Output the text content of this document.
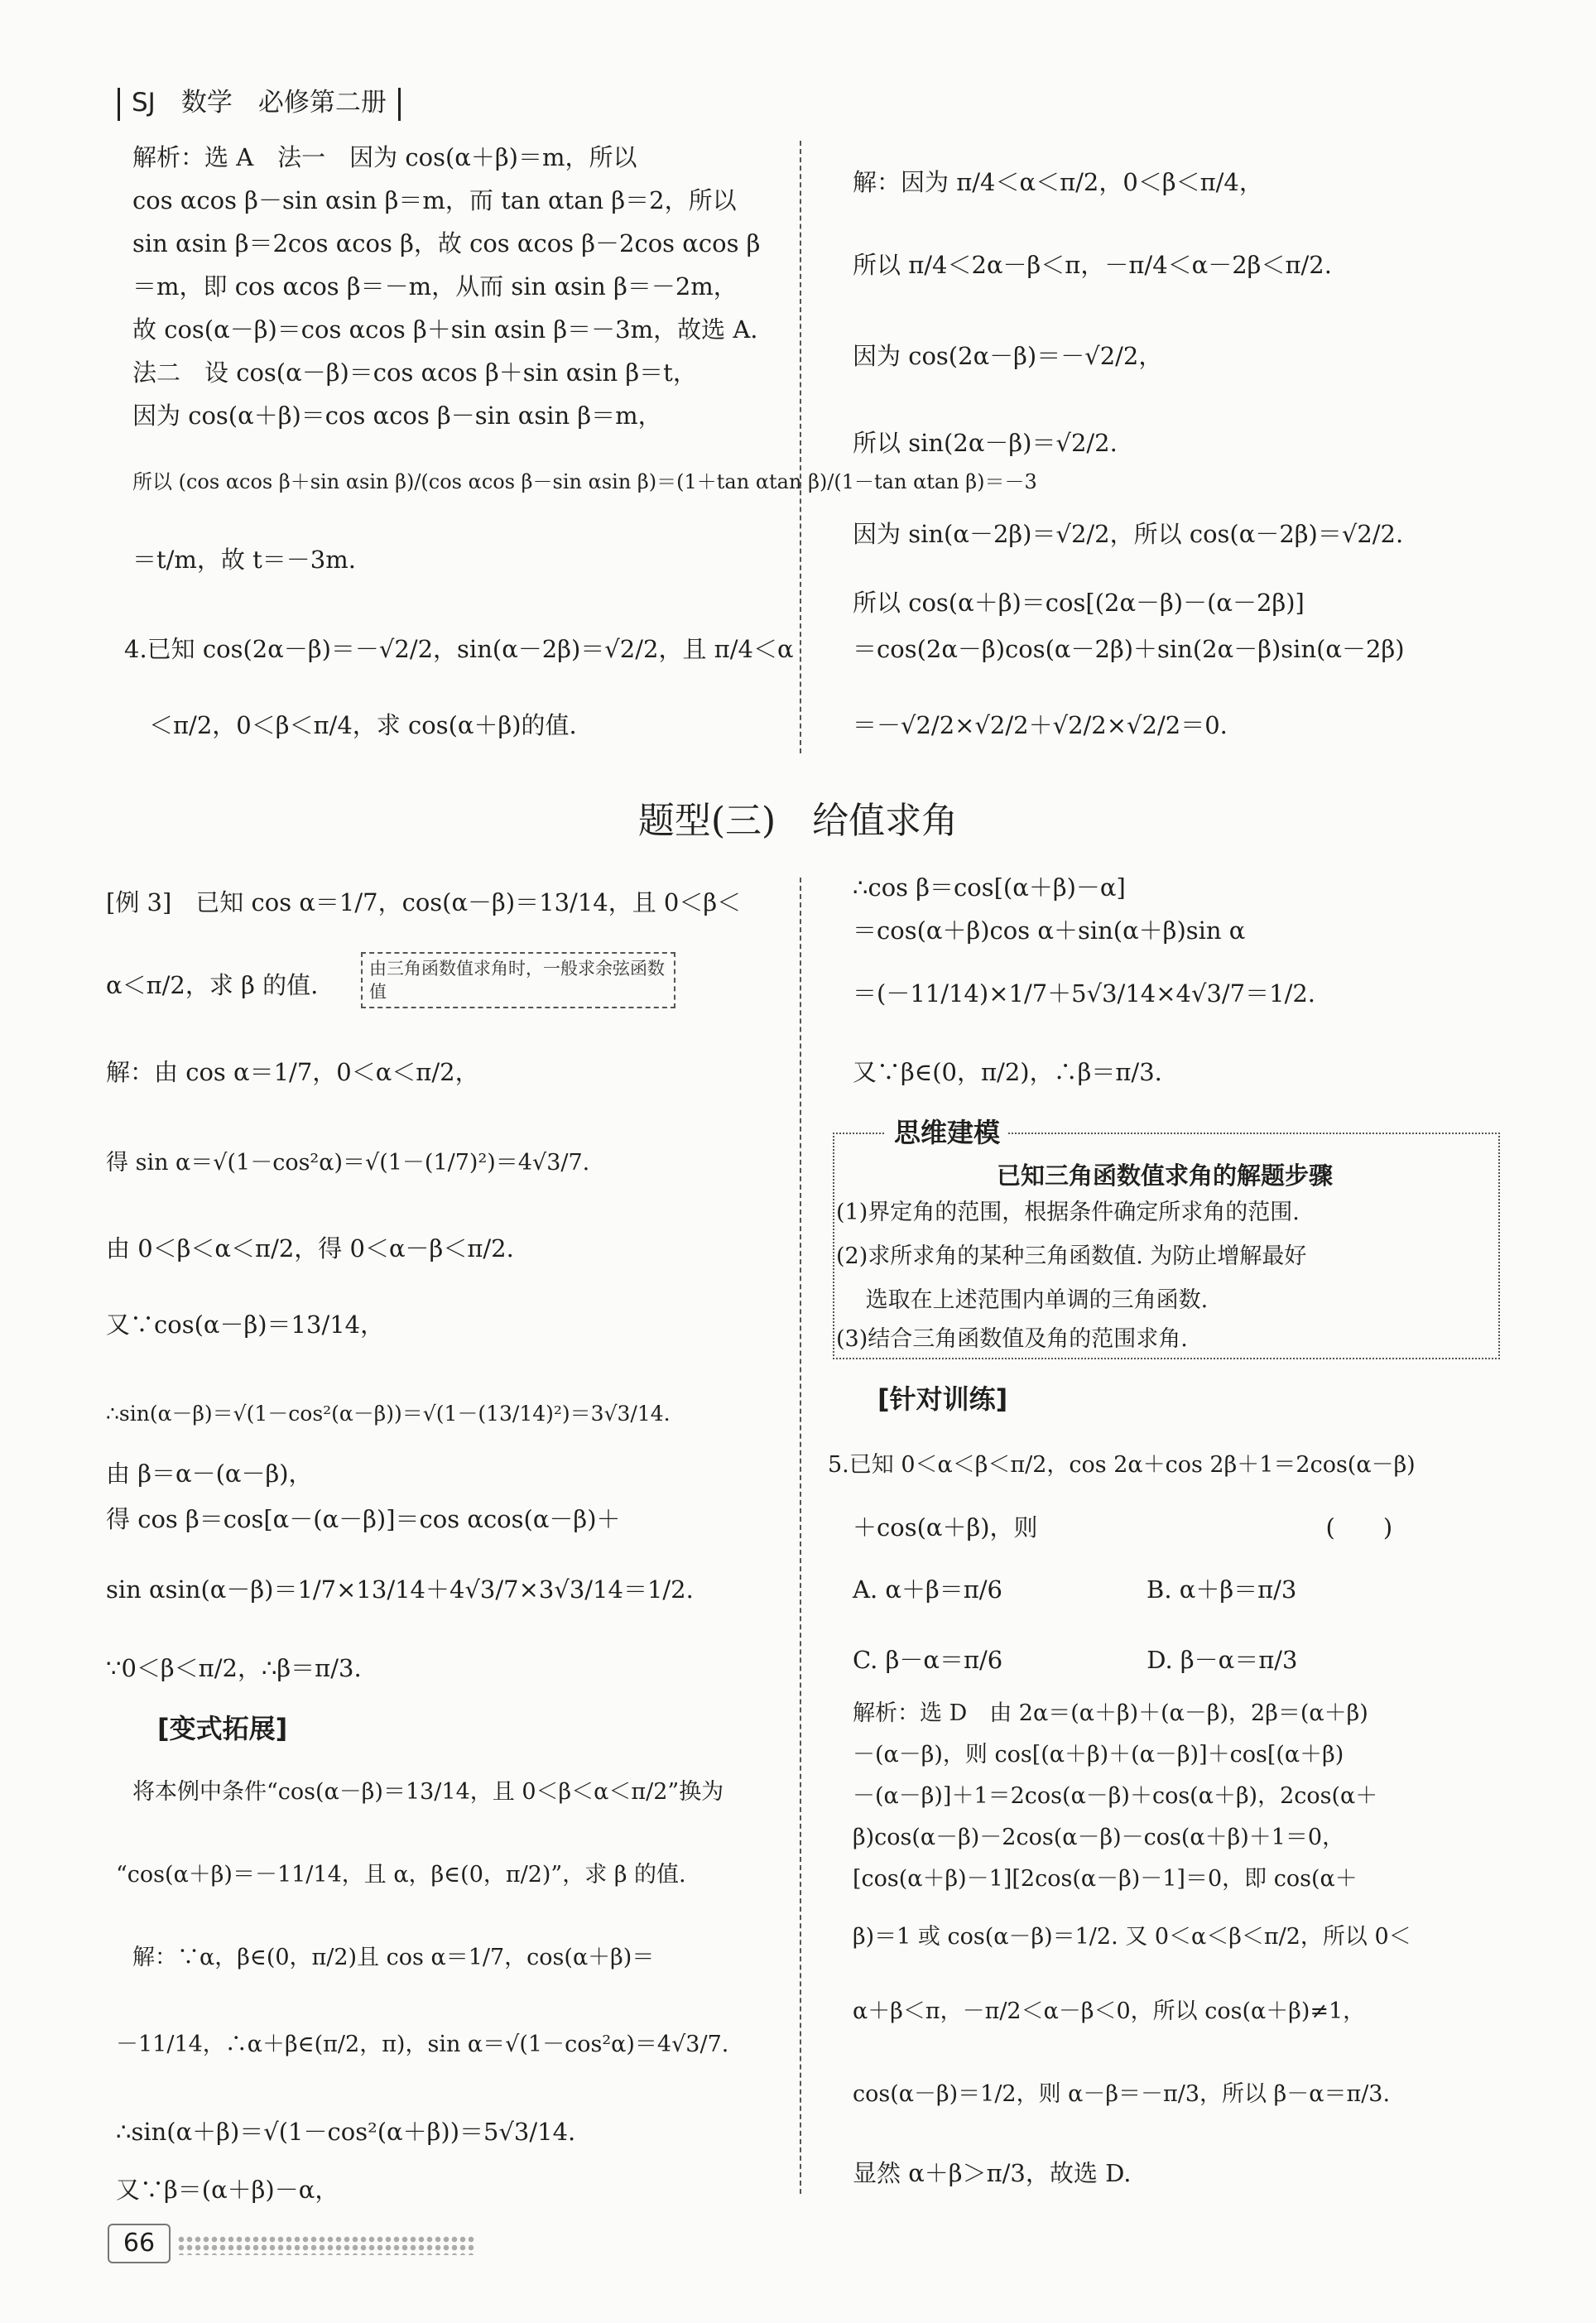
SJ　 数学　 必修第二册
解析：选 A　法一　因为 cos(α＋β)＝m，所以
cos αcos β－sin αsin β＝m，而 tan αtan β＝2，所以
sin αsin β＝2cos αcos β，故 cos αcos β－2cos αcos β
＝m，即 cos αcos β＝－m，从而 sin αsin β＝－2m，
故 cos(α－β)＝cos αcos β＋sin αsin β＝－3m，故选 A.
法二　设 cos(α－β)＝cos αcos β＋sin αsin β＝t，
因为 cos(α＋β)＝cos αcos β－sin αsin β＝m，
所以 (cos αcos β＋sin αsin β)/(cos αcos β－sin αsin β)＝(1＋tan αtan β)/(1－tan αtan β)＝－3
＝t/m，故 t＝－3m.
4.已知 cos(2α－β)＝－√2/2，sin(α－2β)＝√2/2，且 π/4＜α
＜π/2，0＜β＜π/4，求 cos(α＋β)的值.
解：因为 π/4＜α＜π/2，0＜β＜π/4，
所以 π/4＜2α－β＜π，－π/4＜α－2β＜π/2.
因为 cos(2α－β)＝－√2/2，
所以 sin(2α－β)＝√2/2.
因为 sin(α－2β)＝√2/2，所以 cos(α－2β)＝√2/2.
所以 cos(α＋β)＝cos[(2α－β)－(α－2β)]
＝cos(2α－β)cos(α－2β)＋sin(2α－β)sin(α－2β)
＝－√2/2×√2/2＋√2/2×√2/2＝0.
题型(三)　给值求角
[例 3]　已知 cos α＝1/7，cos(α－β)＝13/14，且 0＜β＜
α＜π/2，求 β 的值.
解：由 cos α＝1/7，0＜α＜π/2，
得 sin α＝√(1－cos²α)＝√(1－(1/7)²)＝4√3/7.
由 0＜β＜α＜π/2，得 0＜α－β＜π/2.
又∵cos(α－β)＝13/14，
∴sin(α－β)＝√(1－cos²(α－β))＝√(1－(13/14)²)＝3√3/14.
由 β＝α－(α－β)，
得 cos β＝cos[α－(α－β)]＝cos αcos(α－β)＋
sin αsin(α－β)＝1/7×13/14＋4√3/7×3√3/14＝1/2.
∵0＜β＜π/2，∴β＝π/3.
[变式拓展]
将本例中条件“cos(α－β)＝13/14，且 0＜β＜α＜π/2”换为
“cos(α＋β)＝－11/14，且 α，β∈(0，π/2)”，求 β 的值.
解：∵α，β∈(0，π/2)且 cos α＝1/7，cos(α＋β)＝
－11/14，∴α＋β∈(π/2，π)，sin α＝√(1－cos²α)＝4√3/7.
∴sin(α＋β)＝√(1－cos²(α＋β))＝5√3/14.
又∵β＝(α＋β)－α，
由三角函数值求角时，一般求余弦函数值
∴cos β＝cos[(α＋β)－α]
＝cos(α＋β)cos α＋sin(α＋β)sin α
＝(－11/14)×1/7＋5√3/14×4√3/7＝1/2.
又∵β∈(0，π/2)，∴β＝π/3.
思维建模
已知三角函数值求角的解题步骤
(1)界定角的范围，根据条件确定所求角的范围.
(2)求所求角的某种三角函数值. 为防止增解最好
　 选取在上述范围内单调的三角函数.
(3)结合三角函数值及角的范围求角.
[针对训练]
5.已知 0＜α＜β＜π/2，cos 2α＋cos 2β＋1＝2cos(α－β)
＋cos(α＋β)，则　　　　　　　　　　　　(　　)
A. α＋β＝π/6　　　　　　B. α＋β＝π/3
C. β－α＝π/6　　　　　　D. β－α＝π/3
解析：选 D　由 2α＝(α＋β)＋(α－β)，2β＝(α＋β)
－(α－β)，则 cos[(α＋β)＋(α－β)]＋cos[(α＋β)
－(α－β)]＋1＝2cos(α－β)＋cos(α＋β)，2cos(α＋
β)cos(α－β)－2cos(α－β)－cos(α＋β)＋1＝0，
[cos(α＋β)－1][2cos(α－β)－1]＝0，即 cos(α＋
β)＝1 或 cos(α－β)＝1/2. 又 0＜α＜β＜π/2，所以 0＜
α＋β＜π，－π/2＜α－β＜0，所以 cos(α＋β)≠1，
cos(α－β)＝1/2，则 α－β＝－π/3，所以 β－α＝π/3.
显然 α＋β＞π/3，故选 D.
66
